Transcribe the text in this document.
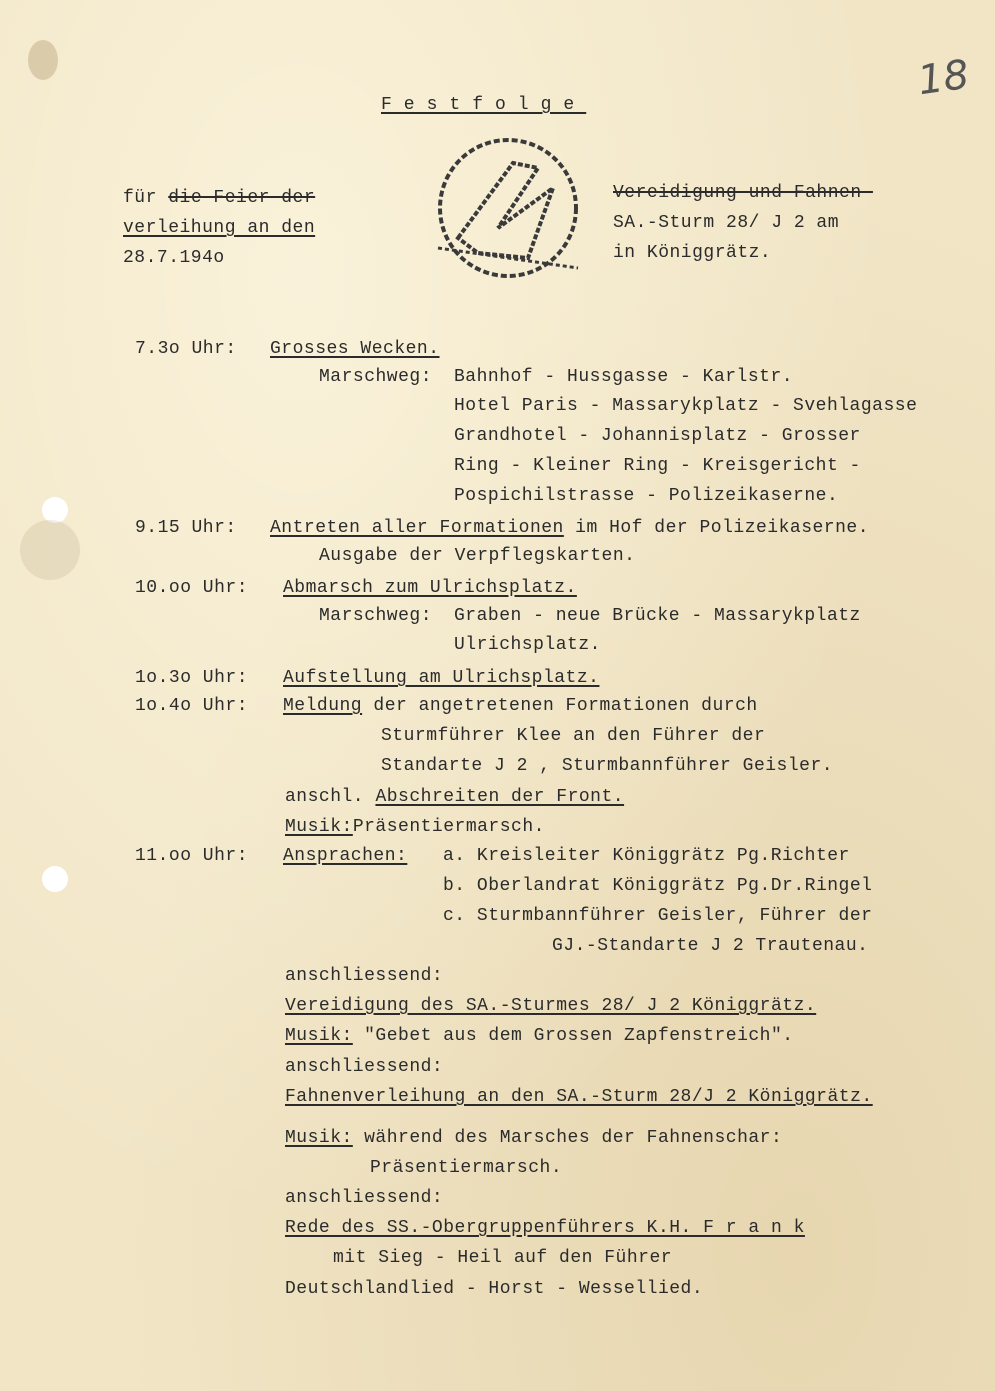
18
Festfolge
für die Feier der
verleihung an den
28.7.194o
Vereidigung und Fahnen-
SA.-Sturm 28/ J 2 am
in Königgrätz.
7.3o Uhr: Grosses Wecken.
Marschweg: Bahnhof - Hussgasse - Karlstr.
Hotel Paris - Massarykplatz - Svehlagasse
Grandhotel - Johannisplatz - Grosser
Ring - Kleiner Ring - Kreisgericht -
Pospichilstrasse - Polizeikaserne.
9.15 Uhr: Antreten aller Formationen im Hof der Polizeikaserne.
Ausgabe der Verpflegskarten.
10.oo Uhr: Abmarsch zum Ulrichsplatz.
Marschweg: Graben - neue Brücke - Massarykplatz
Ulrichsplatz.
1o.3o Uhr: Aufstellung am Ulrichsplatz.
1o.4o Uhr: Meldung der angetretenen Formationen durch
Sturmführer Klee an den Führer der
Standarte J 2 , Sturmbannführer Geisler.
anschl. Abschreiten der Front.
Musik:Präsentiermarsch.
11.oo Uhr: Ansprachen: a. Kreisleiter Königgrätz Pg.Richter
b. Oberlandrat Königgrätz Pg.Dr.Ringel
c. Sturmbannführer Geisler, Führer der
GJ.-Standarte J 2 Trautenau.
anschliessend:
Vereidigung des SA.-Sturmes 28/ J 2 Königgrätz.
Musik: "Gebet aus dem Grossen Zapfenstreich".
anschliessend:
Fahnenverleihung an den SA.-Sturm 28/J 2 Königgrätz.
Musik: während des Marsches der Fahnenschar:
Präsentiermarsch.
anschliessend:
Rede des SS.-Obergruppenführers K.H. F r a n k
mit Sieg - Heil auf den Führer
Deutschlandlied - Horst - Wessellied.
